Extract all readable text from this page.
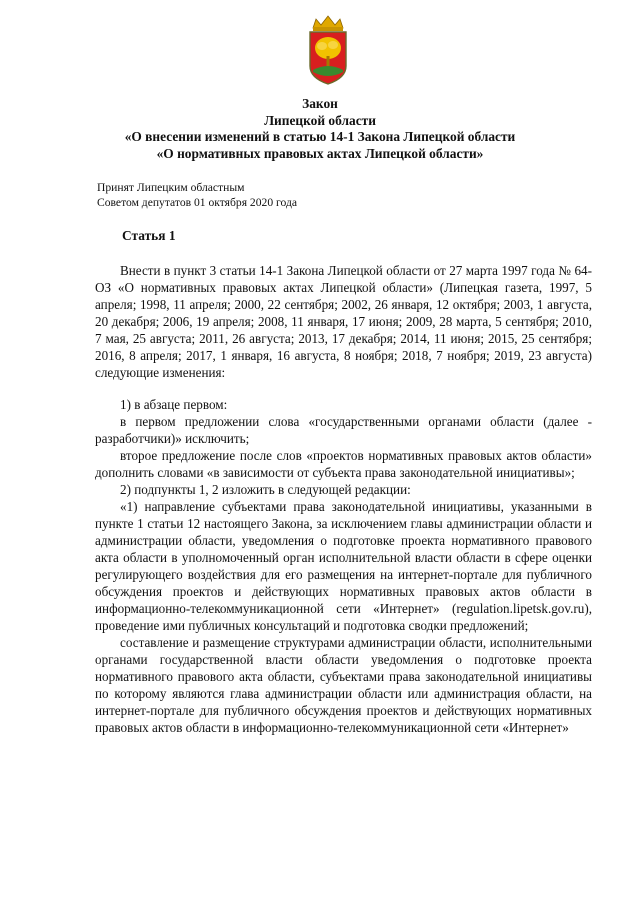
Закон
Липецкой области
«О внесении изменений в статью 14-1 Закона Липецкой области
«О нормативных правовых актах Липецкой области»
Принят Липецким областным
Советом депутатов 01 октября 2020 года
Статья 1

Внести в пункт 3 статьи 14-1 Закона Липецкой области от 27 марта 1997 года № 64-ОЗ «О нормативных правовых актах Липецкой области» (Липецкая газета, 1997, 5 апреля; 1998, 11 апреля; 2000, 22 сентября; 2002, 26 января, 12 октября; 2003, 1 августа, 20 декабря; 2006, 19 апреля; 2008, 11 января, 17 июня; 2009, 28 марта, 5 сентября; 2010, 7 мая, 25 августа; 2011, 26 августа; 2013, 17 декабря; 2014, 11 июня; 2015, 25 сентября; 2016, 8 апреля; 2017, 1 января, 16 августа, 8 ноября; 2018, 7 ноября; 2019, 23 августа) следующие изменения:

1) в абзаце первом:

в первом предложении слова «государственными органами области (далее - разработчики)» исключить;

второе предложение после слов «проектов нормативных правовых актов области» дополнить словами «в зависимости от субъекта права законодательной инициативы»;

2) подпункты 1, 2 изложить в следующей редакции:

«1) направление субъектами права законодательной инициативы, указанными в пункте 1 статьи 12 настоящего Закона, за исключением главы администрации области и администрации области, уведомления о подготовке проекта нормативного правового акта области в уполномоченный орган исполнительной власти области в сфере оценки регулирующего воздействия для его размещения на интернет-портале для публичного обсуждения проектов и действующих нормативных правовых актов области в информационно-телекоммуникационной сети «Интернет» (regulation.lipetsk.gov.ru), проведение ими публичных консультаций и подготовка сводки предложений;

составление и размещение структурами администрации области, исполнительными органами государственной власти области уведомления о подготовке проекта нормативного правового акта области, субъектами права законодательной инициативы по которому являются глава администрации области или администрация области, на интернет-портале для публичного обсуждения проектов и действующих нормативных правовых актов области в информационно-телекоммуникационной сети «Интернет»
